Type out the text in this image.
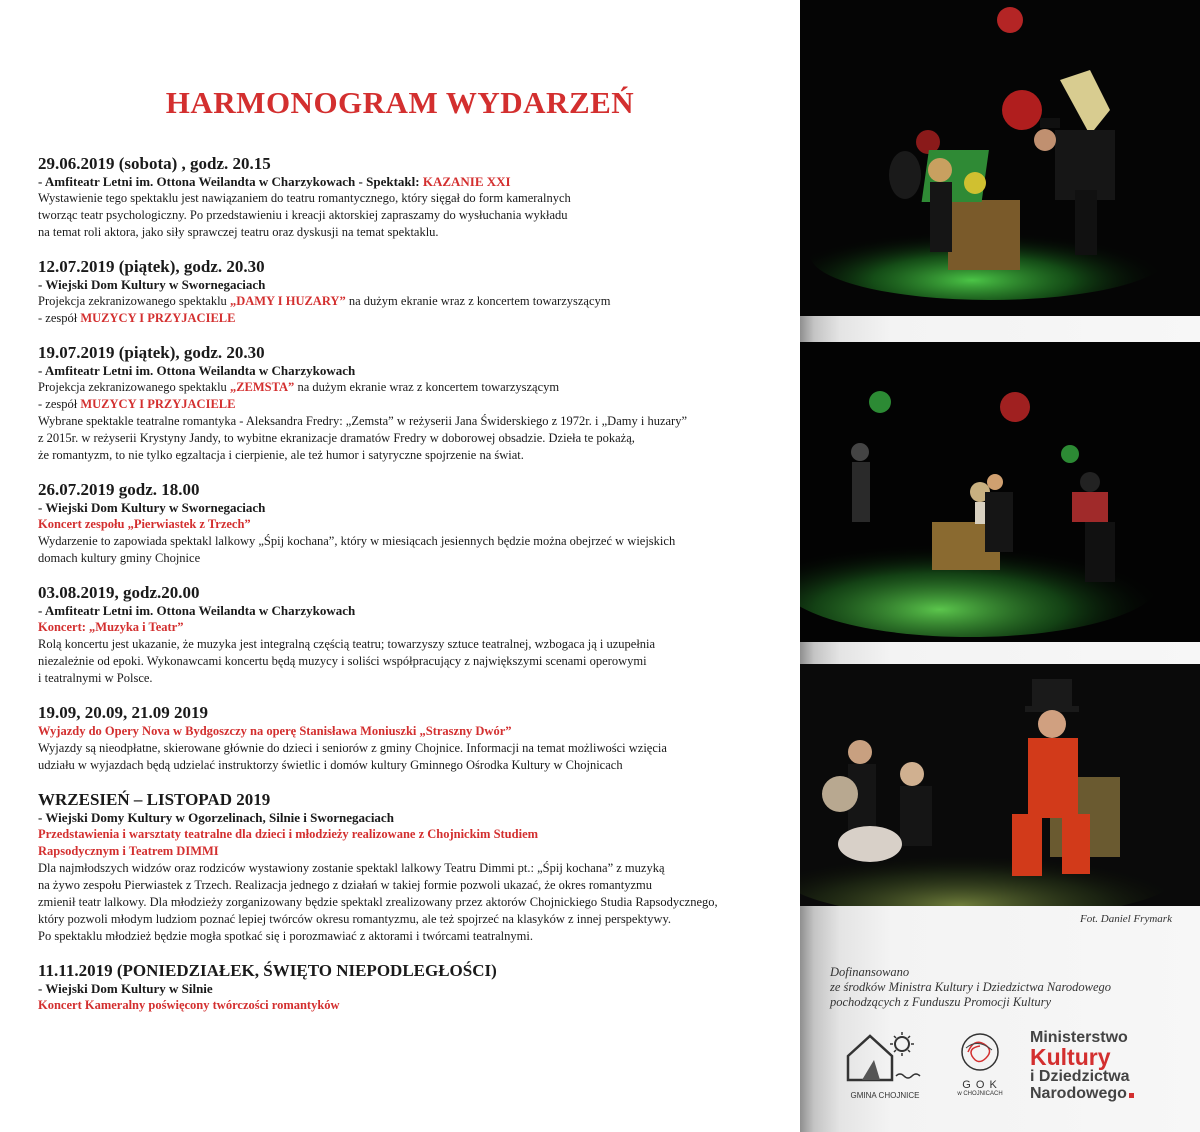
HARMONOGRAM WYDARZEŃ
29.06.2019 (sobota) , godz. 20.15
- Amfiteatr Letni im. Ottona Weilandta w Charzykowach - Spektakl: KAZANIE XXI
Wystawienie tego spektaklu jest nawiązaniem do teatru romantycznego, który sięgał do form kameralnych
tworząc teatr psychologiczny. Po przedstawieniu i kreacji aktorskiej zapraszamy do wysłuchania wykładu
na temat roli aktora, jako siły sprawczej teatru oraz dyskusji na temat spektaklu.
12.07.2019 (piątek), godz. 20.30
- Wiejski Dom Kultury w Swornegaciach
Projekcja zekranizowanego spektaklu „DAMY I HUZARY” na dużym ekranie wraz z koncertem towarzyszącym
- zespół MUZYCY I PRZYJACIELE
19.07.2019 (piątek), godz. 20.30
- Amfiteatr Letni im. Ottona Weilandta w Charzykowach
Projekcja zekranizowanego spektaklu „ZEMSTA” na dużym ekranie wraz z koncertem towarzyszącym
- zespół MUZYCY I PRZYJACIELE
Wybrane spektakle teatralne romantyka - Aleksandra Fredry: „Zemsta” w reżyserii Jana Świderskiego z 1972r. i „Damy i huzary”
z 2015r. w reżyserii Krystyny Jandy, to wybitne ekranizacje dramatów Fredry w doborowej obsadzie. Dzieła te pokażą,
że romantyzm, to nie tylko egzaltacja i cierpienie, ale też humor i satyryczne spojrzenie na świat.
26.07.2019 godz. 18.00
- Wiejski Dom Kultury w Swornegaciach
Koncert zespołu „Pierwiastek z Trzech”
Wydarzenie to zapowiada spektakl lalkowy „Śpij kochana”, który w miesiącach jesiennych będzie można obejrzeć w wiejskich
domach kultury gminy Chojnice
03.08.2019, godz.20.00
- Amfiteatr Letni im. Ottona Weilandta w Charzykowach
Koncert: „Muzyka i Teatr”
Rolą koncertu jest ukazanie, że muzyka jest integralną częścią teatru; towarzyszy sztuce teatralnej, wzbogaca ją i uzupełnia
niezależnie od epoki. Wykonawcami koncertu będą muzycy i soliści współpracujący z największymi scenami operowymi
i teatralnymi w Polsce.
19.09, 20.09, 21.09 2019
Wyjazdy do Opery Nova w Bydgoszczy na operę Stanisława Moniuszki „Straszny Dwór”
Wyjazdy są nieodpłatne, skierowane głównie do dzieci i seniorów z gminy Chojnice. Informacji na temat możliwości wzięcia
udziału w wyjazdach będą udzielać instruktorzy świetlic i domów kultury Gminnego Ośrodka Kultury w Chojnicach
WRZESIEŃ – LISTOPAD 2019
- Wiejski Domy Kultury w Ogorzelinach, Silnie i Swornegaciach
Przedstawienia i warsztaty teatralne dla dzieci i młodzieży realizowane z Chojnickim Studiem
Rapsodycznym i Teatrem DIMMI
Dla najmłodszych widzów oraz rodziców wystawiony zostanie spektakl lalkowy Teatru Dimmi pt.: „Śpij kochana” z muzyką
na żywo zespołu Pierwiastek z Trzech. Realizacja jednego z działań w takiej formie pozwoli ukazać, że okres romantyzmu
zmienił teatr lalkowy. Dla młodzieży zorganizowany będzie spektakl zrealizowany przez aktorów Chojnickiego Studia Rapsodycznego,
który pozwoli młodym ludziom poznać lepiej twórców okresu romantyzmu, ale też spojrzeć na klasyków z innej perspektywy.
Po spektaklu młodzież będzie mogła spotkać się i porozmawiać z aktorami i twórcami teatralnymi.
11.11.2019 (PONIEDZIAŁEK, ŚWIĘTO NIEPODLEGŁOŚCI)
- Wiejski Dom Kultury w Silnie
Koncert Kameralny poświęcony twórczości romantyków
Fot. Daniel Frymark
Dofinansowano
ze środków Ministra Kultury i Dziedzictwa Narodowego
pochodzących z Funduszu Promocji Kultury
GMINA CHOJNICE
G O K
w CHOJNICACH
Ministerstwo
Kultury
i Dziedzictwa
Narodowego
